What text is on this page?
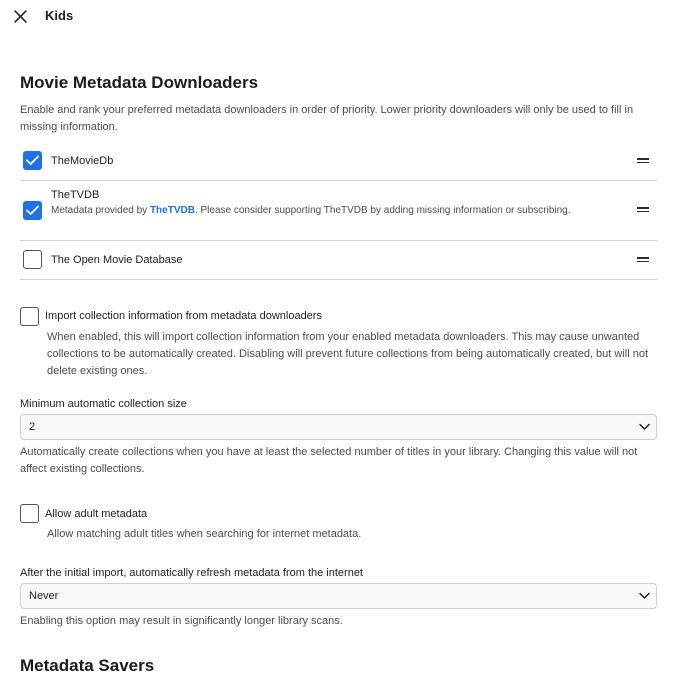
Kids
Movie Metadata Downloaders
Enable and rank your preferred metadata downloaders in order of priority. Lower priority downloaders will only be used to fill in missing information.
TheMovieDb
TheTVDB
Metadata provided by TheTVDB. Please consider supporting TheTVDB by adding missing information or subscribing.
The Open Movie Database
Import collection information from metadata downloaders
When enabled, this will import collection information from your enabled metadata downloaders. This may cause unwanted collections to be automatically created. Disabling will prevent future collections from being automatically created, but will not delete existing ones.
Minimum automatic collection size
2
Automatically create collections when you have at least the selected number of titles in your library. Changing this value will not affect existing collections.
Allow adult metadata
Allow matching adult titles when searching for internet metadata.
After the initial import, automatically refresh metadata from the internet
Never
Enabling this option may result in significantly longer library scans.
Metadata Savers
